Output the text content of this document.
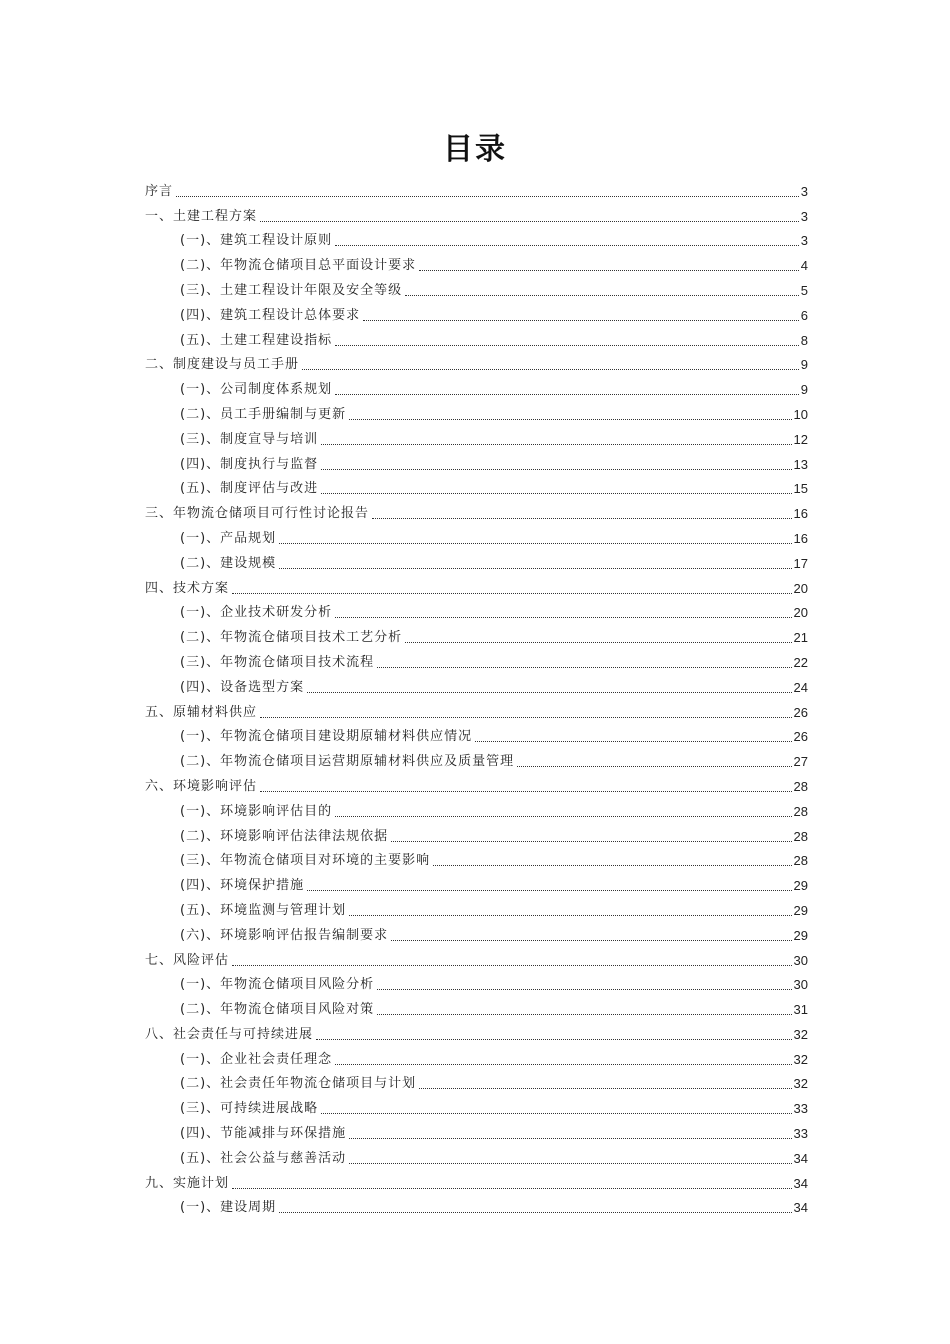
目录
序言	3
一、土建工程方案	3
(一)、建筑工程设计原则	3
(二)、年物流仓储项目总平面设计要求	4
(三)、土建工程设计年限及安全等级	5
(四)、建筑工程设计总体要求	6
(五)、土建工程建设指标	8
二、制度建设与员工手册	9
(一)、公司制度体系规划	9
(二)、员工手册编制与更新	10
(三)、制度宣导与培训	12
(四)、制度执行与监督	13
(五)、制度评估与改进	15
三、年物流仓储项目可行性讨论报告	16
(一)、产品规划	16
(二)、建设规模	17
四、技术方案	20
(一)、企业技术研发分析	20
(二)、年物流仓储项目技术工艺分析	21
(三)、年物流仓储项目技术流程	22
(四)、设备选型方案	24
五、原辅材料供应	26
(一)、年物流仓储项目建设期原辅材料供应情况	26
(二)、年物流仓储项目运营期原辅材料供应及质量管理	27
六、环境影响评估	28
(一)、环境影响评估目的	28
(二)、环境影响评估法律法规依据	28
(三)、年物流仓储项目对环境的主要影响	28
(四)、环境保护措施	29
(五)、环境监测与管理计划	29
(六)、环境影响评估报告编制要求	29
七、风险评估	30
(一)、年物流仓储项目风险分析	30
(二)、年物流仓储项目风险对策	31
八、社会责任与可持续进展	32
(一)、企业社会责任理念	32
(二)、社会责任年物流仓储项目与计划	32
(三)、可持续进展战略	33
(四)、节能减排与环保措施	33
(五)、社会公益与慈善活动	34
九、实施计划	34
(一)、建设周期	34
